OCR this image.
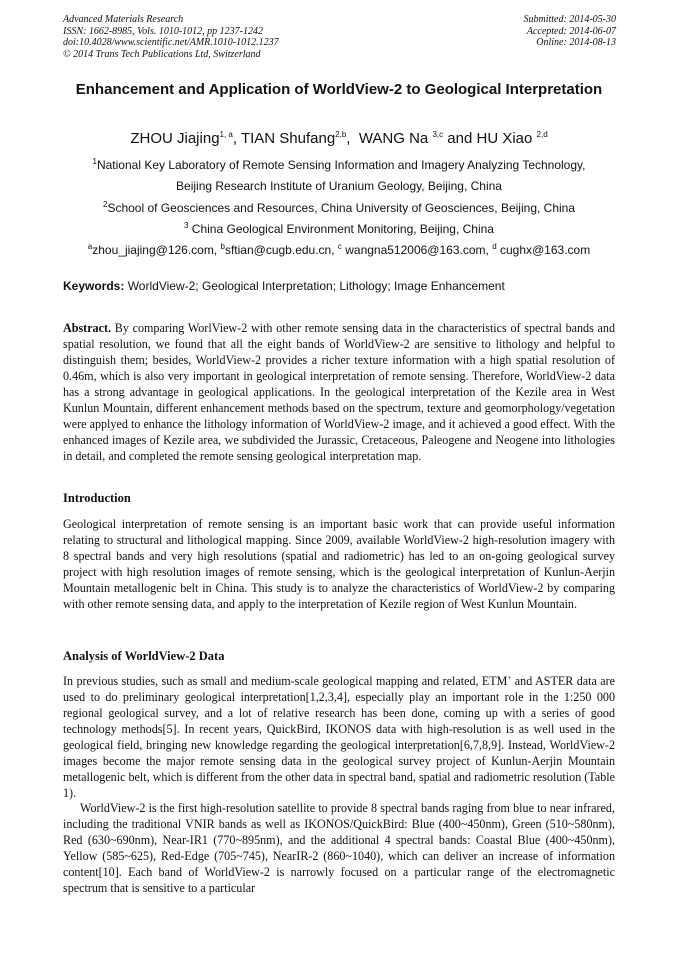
Advanced Materials Research
ISSN: 1662-8985, Vols. 1010-1012, pp 1237-1242
doi:10.4028/www.scientific.net/AMR.1010-1012.1237
© 2014 Trans Tech Publications Ltd, Switzerland
Submitted: 2014-05-30
Accepted: 2014-06-07
Online: 2014-08-13
Enhancement and Application of WorldView-2 to Geological Interpretation
ZHOU Jiajing$^{1, a}$, TIAN Shufang$^{2,b}$,  WANG Na $^{3,c}$ and HU Xiao $^{2,d}$
$^1$National Key Laboratory of Remote Sensing Information and Imagery Analyzing Technology,
Beijing Research Institute of Uranium Geology, Beijing, China
$^2$School of Geosciences and Resources, China University of Geosciences, Beijing, China
$^3$ China Geological Environment Monitoring, Beijing, China
$^a$zhou_jiajing@126.com, $^b$sftian@cugb.edu.cn, $^c$ wangna512006@163.com, $^d$ cughx@163.com
Keywords: WorldView-2; Geological Interpretation; Lithology; Image Enhancement
Abstract. By comparing WorlView-2 with other remote sensing data in the characteristics of spectral bands and spatial resolution, we found that all the eight bands of WorldView-2 are sensitive to lithology and helpful to distinguish them; besides, WorldView-2 provides a richer texture information with a high spatial resolution of 0.46m, which is also very important in geological interpretation of remote sensing. Therefore, WorldView-2 data has a strong advantage in geological applications. In the geological interpretation of the Kezile area in West Kunlun Mountain, different enhancement methods based on the spectrum, texture and geomorphology/vegetation were applyed to enhance the lithology information of WorldView-2 image, and it achieved a good effect. With the enhanced images of Kezile area, we subdivided the Jurassic, Cretaceous, Paleogene and Neogene into lithologies in detail, and completed the remote sensing geological interpretation map.
Introduction
Geological interpretation of remote sensing is an important basic work that can provide useful information relating to structural and lithological mapping. Since 2009, available WorldView-2 high-resolution imagery with 8 spectral bands and very high resolutions (spatial and radiometric) has led to an on-going geological survey project with high resolution images of remote sensing, which is the geological interpretation of Kunlun-Aerjin Mountain metallogenic belt in China. This study is to analyze the characteristics of WorldView-2 by comparing with other remote sensing data, and apply to the interpretation of Kezile region of West Kunlun Mountain.
Analysis of WorldView-2 Data
In previous studies, such as small and medium-scale geological mapping and related, ETM+ and ASTER data are used to do preliminary geological interpretation[1,2,3,4], especially play an important role in the 1:250 000 regional geological survey, and a lot of relative research has been done, coming up with a series of good technology methods[5]. In recent years, QuickBird, IKONOS data with high-resolution is as well used in the geological field, bringing new knowledge regarding the geological interpretation[6,7,8,9]. Instead, WorldView-2 images become the major remote sensing data in the geological survey project of Kunlun-Aerjin Mountain metallogenic belt, which is different from the other data in spectral band, spatial and radiometric resolution (Table 1).
WorldView-2 is the first high-resolution satellite to provide 8 spectral bands raging from blue to near infrared, including the traditional VNIR bands as well as IKONOS/QuickBird: Blue (400~450nm), Green (510~580nm), Red (630~690nm), Near-IR1 (770~895nm), and the additional 4 spectral bands: Coastal Blue (400~450nm), Yellow (585~625), Red-Edge (705~745), NearIR-2 (860~1040), which can deliver an increase of information content[10]. Each band of WorldView-2 is narrowly focused on a particular range of the electromagnetic spectrum that is sensitive to a particular
